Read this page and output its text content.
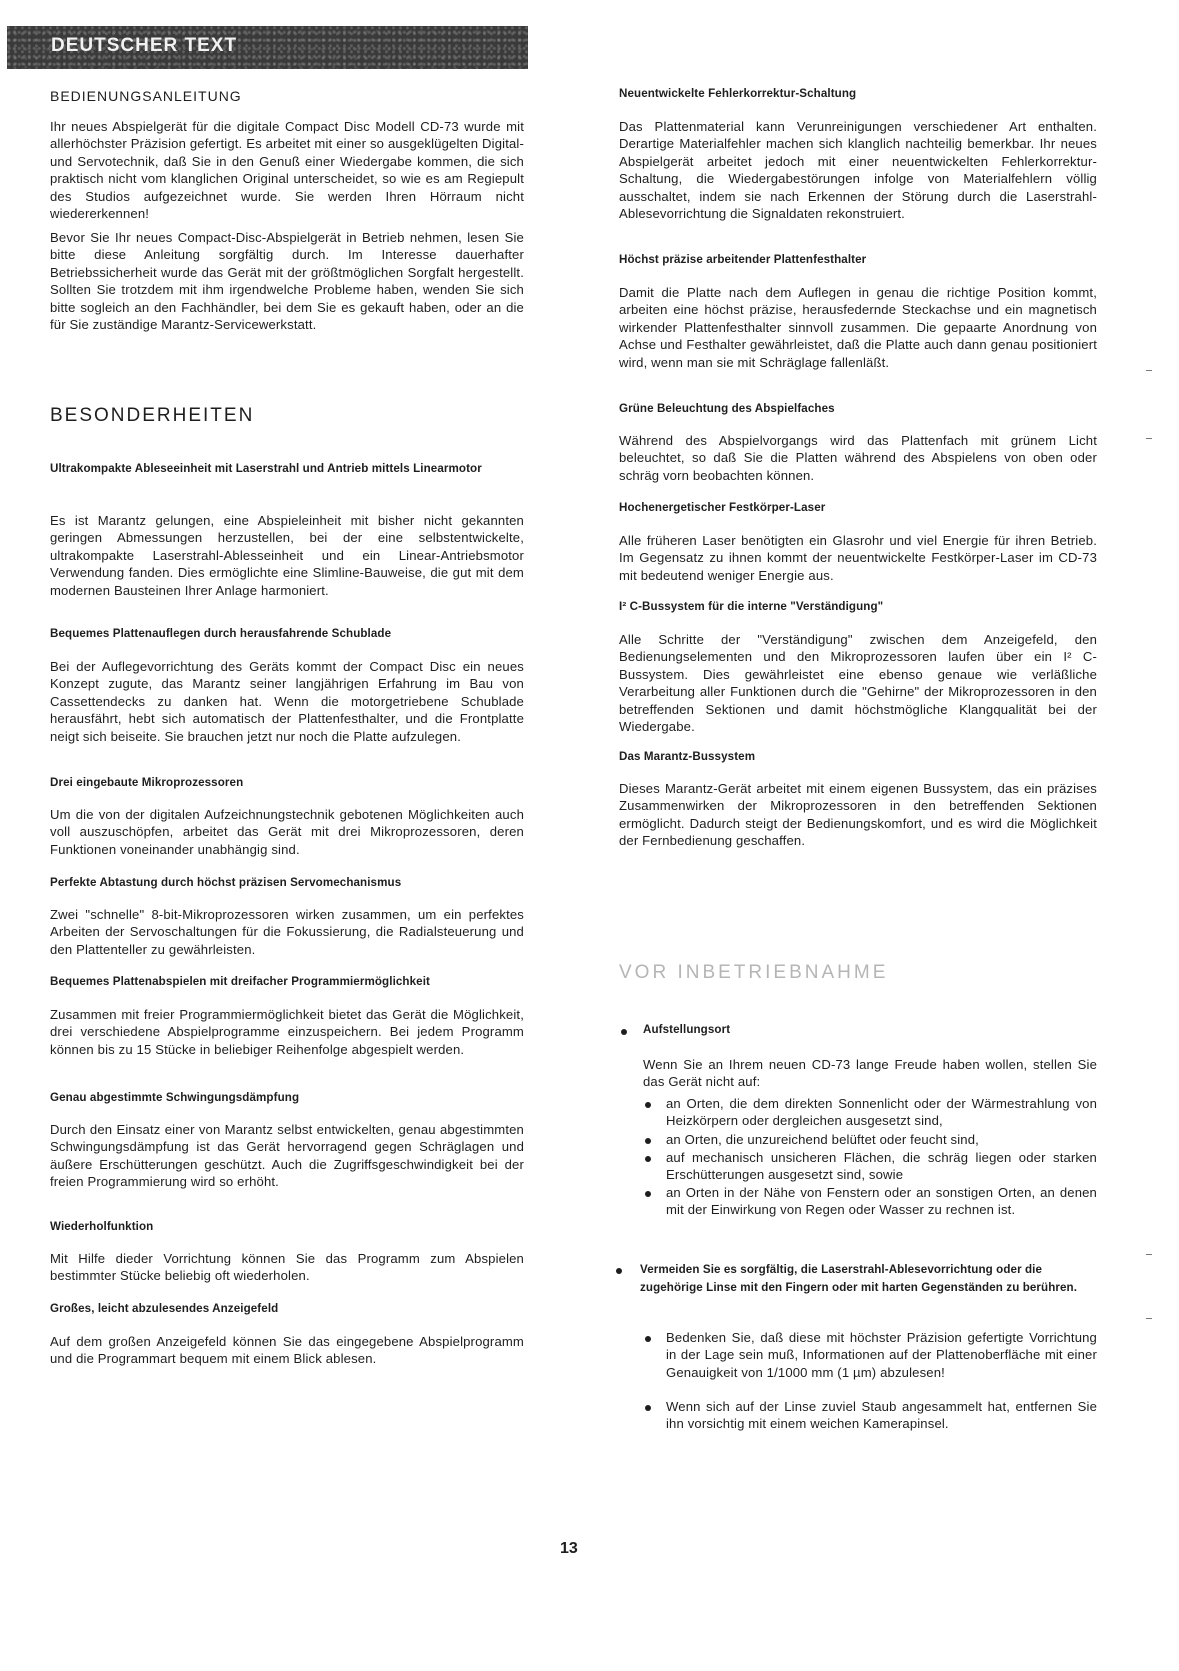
DEUTSCHER TEXT

BEDIENUNGSANLEITUNG

Ihr neues Abspielgerät für die digitale Compact Disc Modell CD-73 wurde mit allerhöchster Präzision gefertigt. Es arbeitet mit einer so ausgeklügelten Digital- und Servotechnik, daß Sie in den Genuß einer Wiedergabe kommen, die sich praktisch nicht vom klanglichen Original unterscheidet, so wie es am Regiepult des Studios aufgezeichnet wurde. Sie werden Ihren Hörraum nicht wiedererkennen!

Bevor Sie Ihr neues Compact-Disc-Abspielgerät in Betrieb nehmen, lesen Sie bitte diese Anleitung sorgfältig durch. Im Interesse dauerhafter Betriebssicherheit wurde das Gerät mit der größtmöglichen Sorgfalt hergestellt. Sollten Sie trotzdem mit ihm irgendwelche Probleme haben, wenden Sie sich bitte sogleich an den Fachhändler, bei dem Sie es gekauft haben, oder an die für Sie zuständige Marantz-Servicewerkstatt.

BESONDERHEITEN

Ultrakompakte Ableseeinheit mit Laserstrahl und Antrieb mittels Linearmotor

Es ist Marantz gelungen, eine Abspieleinheit mit bisher nicht gekannten geringen Abmessungen herzustellen, bei der eine selbstentwickelte, ultrakompakte Laserstrahl-Ablesseinheit und ein Linear-Antriebsmotor Verwendung fanden. Dies ermöglichte eine Slimline-Bauweise, die gut mit dem modernen Bausteinen Ihrer Anlage harmoniert.

Bequemes Plattenauflegen durch herausfahrende Schublade

Bei der Auflegevorrichtung des Geräts kommt der Compact Disc ein neues Konzept zugute, das Marantz seiner langjährigen Erfahrung im Bau von Cassettendecks zu danken hat. Wenn die motorgetriebene Schublade herausfährt, hebt sich automatisch der Plattenfesthalter, und die Frontplatte neigt sich beiseite. Sie brauchen jetzt nur noch die Platte aufzulegen.

Drei eingebaute Mikroprozessoren

Um die von der digitalen Aufzeichnungstechnik gebotenen Möglichkeiten auch voll auszuschöpfen, arbeitet das Gerät mit drei Mikroprozessoren, deren Funktionen voneinander unabhängig sind.

Perfekte Abtastung durch höchst präzisen Servomechanismus

Zwei "schnelle" 8-bit-Mikroprozessoren wirken zusammen, um ein perfektes Arbeiten der Servoschaltungen für die Fokussierung, die Radialsteuerung und den Plattenteller zu gewährleisten.

Bequemes Plattenabspielen mit dreifacher Programmiermöglichkeit

Zusammen mit freier Programmiermöglichkeit bietet das Gerät die Möglichkeit, drei verschiedene Abspielprogramme einzuspeichern. Bei jedem Programm können bis zu 15 Stücke in beliebiger Reihenfolge abgespielt werden.

Genau abgestimmte Schwingungsdämpfung

Durch den Einsatz einer von Marantz selbst entwickelten, genau abgestimmten Schwingungsdämpfung ist das Gerät hervorragend gegen Schräglagen und äußere Erschütterungen geschützt. Auch die Zugriffsgeschwindigkeit bei der freien Programmierung wird so erhöht.

Wiederholfunktion

Mit Hilfe dieder Vorrichtung können Sie das Programm zum Abspielen bestimmter Stücke beliebig oft wiederholen.

Großes, leicht abzulesendes Anzeigefeld

Auf dem großen Anzeigefeld können Sie das eingegebene Abspielprogramm und die Programmart bequem mit einem Blick ablesen.

Neuentwickelte Fehlerkorrektur-Schaltung

Das Plattenmaterial kann Verunreinigungen verschiedener Art enthalten. Derartige Materialfehler machen sich klanglich nachteilig bemerkbar. Ihr neues Abspielgerät arbeitet jedoch mit einer neuentwickelten Fehlerkorrektur-Schaltung, die Wiedergabestörungen infolge von Materialfehlern völlig ausschaltet, indem sie nach Erkennen der Störung durch die Laserstrahl-Ablesevorrichtung die Signaldaten rekonstruiert.

Höchst präzise arbeitender Plattenfesthalter

Damit die Platte nach dem Auflegen in genau die richtige Position kommt, arbeiten eine höchst präzise, herausfedernde Steckachse und ein magnetisch wirkender Plattenfesthalter sinnvoll zusammen. Die gepaarte Anordnung von Achse und Festhalter gewährleistet, daß die Platte auch dann genau positioniert wird, wenn man sie mit Schräglage fallenläßt.

Grüne Beleuchtung des Abspielfaches

Während des Abspielvorgangs wird das Plattenfach mit grünem Licht beleuchtet, so daß Sie die Platten während des Abspielens von oben oder schräg vorn beobachten können.

Hochenergetischer Festkörper-Laser

Alle früheren Laser benötigten ein Glasrohr und viel Energie für ihren Betrieb. Im Gegensatz zu ihnen kommt der neuentwickelte Festkörper-Laser im CD-73 mit bedeutend weniger Energie aus.

I² C-Bussystem für die interne "Verständigung"

Alle Schritte der "Verständigung" zwischen dem Anzeigefeld, den Bedienungselementen und den Mikroprozessoren laufen über ein I² C-Bussystem. Dies gewährleistet eine ebenso genaue wie verläßliche Verarbeitung aller Funktionen durch die "Gehirne" der Mikroprozessoren in den betreffenden Sektionen und damit höchstmögliche Klangqualität bei der Wiedergabe.

Das Marantz-Bussystem

Dieses Marantz-Gerät arbeitet mit einem eigenen Bussystem, das ein präzises Zusammenwirken der Mikroprozessoren in den betreffenden Sektionen ermöglicht. Dadurch steigt der Bedienungskomfort, und es wird die Möglichkeit der Fernbedienung geschaffen.

VOR INBETRIEBNAHME

Aufstellungsort

Wenn Sie an Ihrem neuen CD-73 lange Freude haben wollen, stellen Sie das Gerät nicht auf:

an Orten, die dem direkten Sonnenlicht oder der Wärmestrahlung von Heizkörpern oder dergleichen ausgesetzt sind,

an Orten, die unzureichend belüftet oder feucht sind,

auf mechanisch unsicheren Flächen, die schräg liegen oder starken Erschütterungen ausgesetzt sind, sowie

an Orten in der Nähe von Fenstern oder an sonstigen Orten, an denen mit der Einwirkung von Regen oder Wasser zu rechnen ist.

Vermeiden Sie es sorgfältig, die Laserstrahl-Ablesevorrichtung oder die zugehörige Linse mit den Fingern oder mit harten Gegenständen zu berühren.

Bedenken Sie, daß diese mit höchster Präzision gefertigte Vorrichtung in der Lage sein muß, Informationen auf der Plattenoberfläche mit einer Genauigkeit von 1/1000 mm (1 µm) abzulesen!

Wenn sich auf der Linse zuviel Staub angesammelt hat, entfernen Sie ihn vorsichtig mit einem weichen Kamerapinsel.

13
